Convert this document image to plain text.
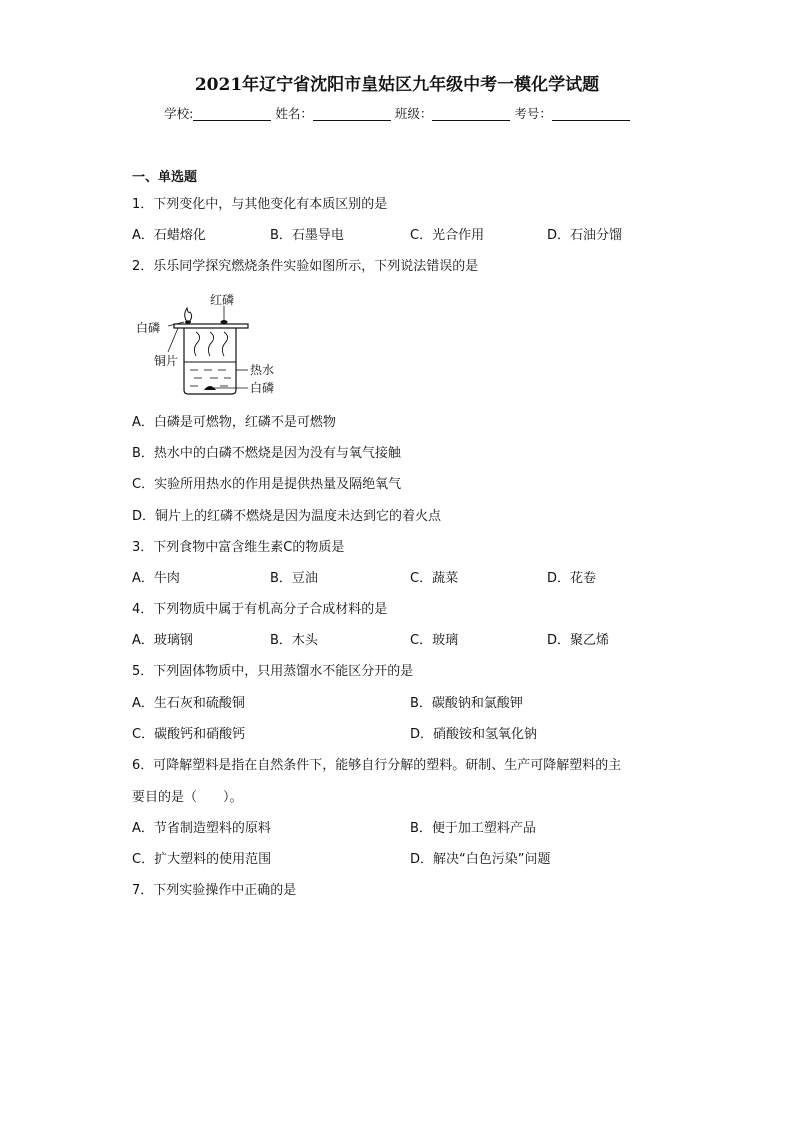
2021年辽宁省沈阳市皇姑区九年级中考一模化学试题
学校:	姓名：	班级：	考号：
一、单选题
1．下列变化中，与其他变化有本质区别的是
A．石蜡熔化	B．石墨导电	C．光合作用	D．石油分馏
2．乐乐同学探究燃烧条件实验如图所示，下列说法错误的是
红磷
白磷
铜片
热水
白磷
A．白磷是可燃物，红磷不是可燃物
B．热水中的白磷不燃烧是因为没有与氧气接触
C．实验所用热水的作用是提供热量及隔绝氧气
D．铜片上的红磷不燃烧是因为温度未达到它的着火点
3．下列食物中富含维生素C的物质是
A．牛肉	B．豆油	C．蔬菜	D．花卷
4．下列物质中属于有机高分子合成材料的是
A．玻璃钢	B．木头	C．玻璃	D．聚乙烯
5．下列固体物质中，只用蒸馏水不能区分开的是
A．生石灰和硫酸铜	B．碳酸钠和氯酸钾
C．碳酸钙和硝酸钙	D．硝酸铵和氢氧化钠
6．可降解塑料是指在自然条件下，能够自行分解的塑料。研制、生产可降解塑料的主
要目的是（　　）。
A．节省制造塑料的原料	B．便于加工塑料产品
C．扩大塑料的使用范围	D．解决“白色污染”问题
7．下列实验操作中正确的是
